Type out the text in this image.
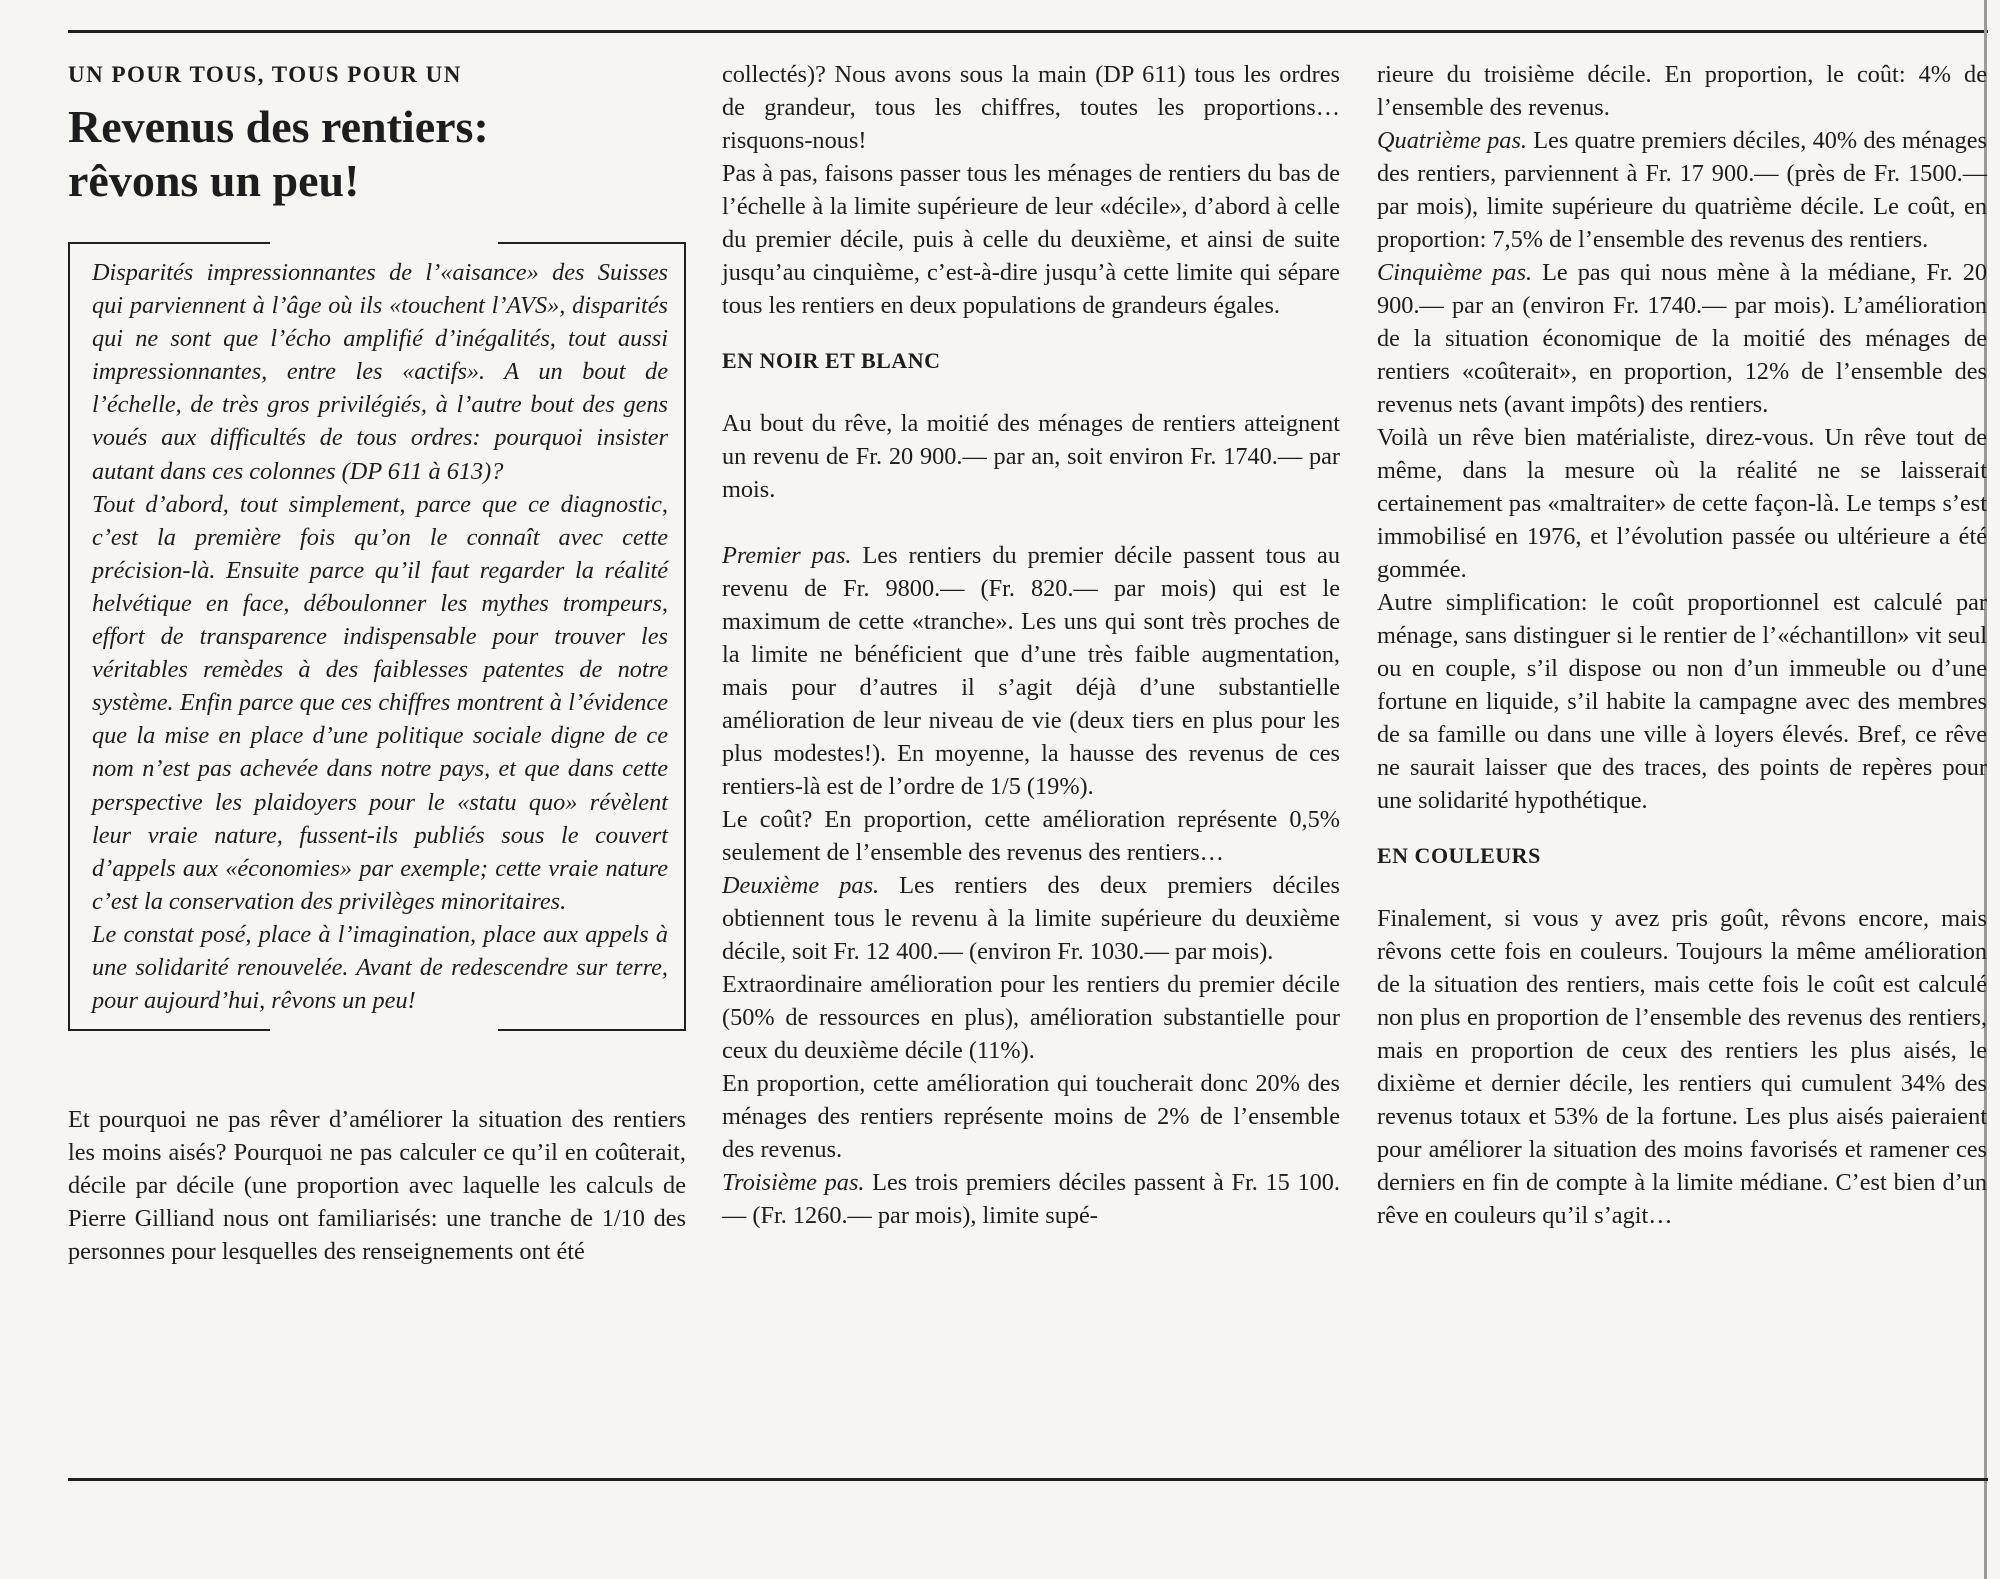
UN POUR TOUS, TOUS POUR UN

Revenus des rentiers:
rêvons un peu!

Disparités impressionnantes de l’«aisance» des Suisses qui parviennent à l’âge où ils «touchent l’AVS», disparités qui ne sont que l’écho amplifié d’inégalités, tout aussi impressionnantes, entre les «actifs». A un bout de l’échelle, de très gros privilégiés, à l’autre bout des gens voués aux difficultés de tous ordres: pourquoi insister autant dans ces colonnes (DP 611 à 613)?

Tout d’abord, tout simplement, parce que ce diagnostic, c’est la première fois qu’on le connaît avec cette précision-là. Ensuite parce qu’il faut regarder la réalité helvétique en face, déboulonner les mythes trompeurs, effort de transparence indispensable pour trouver les véritables remèdes à des faiblesses patentes de notre système. Enfin parce que ces chiffres montrent à l’évidence que la mise en place d’une politique sociale digne de ce nom n’est pas achevée dans notre pays, et que dans cette perspective les plaidoyers pour le «statu quo» révèlent leur vraie nature, fussent-ils publiés sous le couvert d’appels aux «économies» par exemple; cette vraie nature c’est la conservation des privilèges minoritaires.

Le constat posé, place à l’imagination, place aux appels à une solidarité renouvelée. Avant de redescendre sur terre, pour aujourd’hui, rêvons un peu!

Et pourquoi ne pas rêver d’améliorer la situation des rentiers les moins aisés? Pourquoi ne pas calculer ce qu’il en coûterait, décile par décile (une proportion avec laquelle les calculs de Pierre Gilliand nous ont familiarisés: une tranche de 1/10 des personnes pour lesquelles des renseignements ont été

collectés)? Nous avons sous la main (DP 611) tous les ordres de grandeur, tous les chiffres, toutes les proportions… risquons-nous!

Pas à pas, faisons passer tous les ménages de rentiers du bas de l’échelle à la limite supérieure de leur «décile», d’abord à celle du premier décile, puis à celle du deuxième, et ainsi de suite jusqu’au cinquième, c’est-à-dire jusqu’à cette limite qui sépare tous les rentiers en deux populations de grandeurs égales.

EN NOIR ET BLANC

Au bout du rêve, la moitié des ménages de rentiers atteignent un revenu de Fr. 20 900.— par an, soit environ Fr. 1740.— par mois.

Premier pas. Les rentiers du premier décile passent tous au revenu de Fr. 9800.— (Fr. 820.— par mois) qui est le maximum de cette «tranche». Les uns qui sont très proches de la limite ne bénéficient que d’une très faible augmentation, mais pour d’autres il s’agit déjà d’une substantielle amélioration de leur niveau de vie (deux tiers en plus pour les plus modestes!). En moyenne, la hausse des revenus de ces rentiers-là est de l’ordre de 1/5 (19%).

Le coût? En proportion, cette amélioration représente 0,5% seulement de l’ensemble des revenus des rentiers…

Deuxième pas. Les rentiers des deux premiers déciles obtiennent tous le revenu à la limite supérieure du deuxième décile, soit Fr. 12 400.— (environ Fr. 1030.— par mois).

Extraordinaire amélioration pour les rentiers du premier décile (50% de ressources en plus), amélioration substantielle pour ceux du deuxième décile (11%).

En proportion, cette amélioration qui toucherait donc 20% des ménages des rentiers représente moins de 2% de l’ensemble des revenus.

Troisième pas. Les trois premiers déciles passent à Fr. 15 100.— (Fr. 1260.— par mois), limite supé-

rieure du troisième décile. En proportion, le coût: 4% de l’ensemble des revenus.

Quatrième pas. Les quatre premiers déciles, 40% des ménages des rentiers, parviennent à Fr. 17 900.— (près de Fr. 1500.— par mois), limite supérieure du quatrième décile. Le coût, en proportion: 7,5% de l’ensemble des revenus des rentiers.

Cinquième pas. Le pas qui nous mène à la médiane, Fr. 20 900.— par an (environ Fr. 1740.— par mois). L’amélioration de la situation économique de la moitié des ménages de rentiers «coûterait», en proportion, 12% de l’ensemble des revenus nets (avant impôts) des rentiers.

Voilà un rêve bien matérialiste, direz-vous. Un rêve tout de même, dans la mesure où la réalité ne se laisserait certainement pas «maltraiter» de cette façon-là. Le temps s’est immobilisé en 1976, et l’évolution passée ou ultérieure a été gommée.

Autre simplification: le coût proportionnel est calculé par ménage, sans distinguer si le rentier de l’«échantillon» vit seul ou en couple, s’il dispose ou non d’un immeuble ou d’une fortune en liquide, s’il habite la campagne avec des membres de sa famille ou dans une ville à loyers élevés. Bref, ce rêve ne saurait laisser que des traces, des points de repères pour une solidarité hypothétique.

EN COULEURS

Finalement, si vous y avez pris goût, rêvons encore, mais rêvons cette fois en couleurs. Toujours la même amélioration de la situation des rentiers, mais cette fois le coût est calculé non plus en proportion de l’ensemble des revenus des rentiers, mais en proportion de ceux des rentiers les plus aisés, le dixième et dernier décile, les rentiers qui cumulent 34% des revenus totaux et 53% de la fortune. Les plus aisés paieraient pour améliorer la situation des moins favorisés et ramener ces derniers en fin de compte à la limite médiane. C’est bien d’un rêve en couleurs qu’il s’agit…
